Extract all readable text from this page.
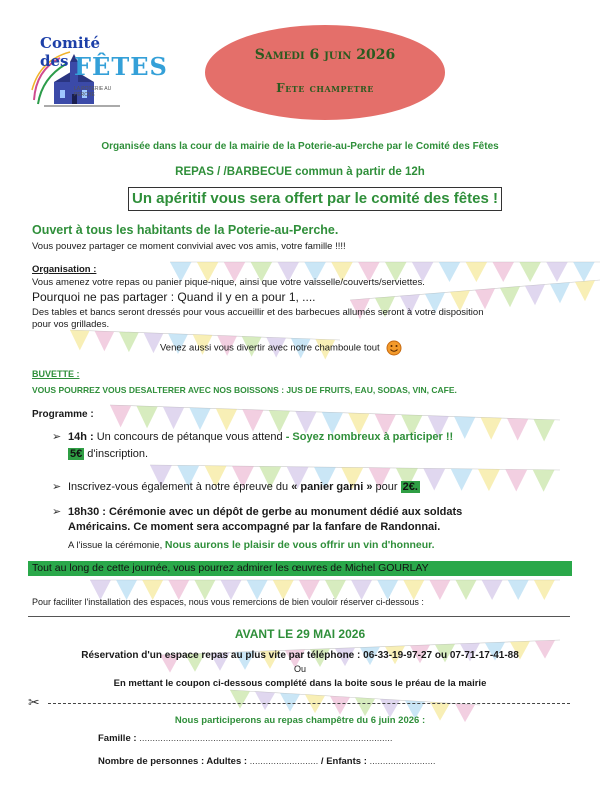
Comité des FÊTES
LA POTERIE AU PERCHE
Samedi 6 juin 2026
Fete champetre
Organisée dans la cour de la mairie de la Poterie-au-Perche par le Comité des Fêtes
REPAS / /BARBECUE commun à partir de 12h
Un apéritif vous sera offert par le comité des fêtes !
Ouvert à tous les habitants de la Poterie-au-Perche.
Vous pouvez partager ce moment convivial avec vos amis, votre famille !!!!
Organisation :
Vous amenez votre repas ou panier pique-nique, ainsi que votre vaisselle/couverts/serviettes.
Pourquoi ne pas partager : Quand il y en a pour 1, ....
Des tables et bancs seront dressés pour vous accueillir et des barbecues allumés seront à votre disposition
pour vos grillades.
Venez aussi vous divertir avec notre chamboule tout
BUVETTE :
VOUS POURREZ VOUS DESALTERER AVEC NOS BOISSONS : JUS DE FRUITS, EAU, SODAS, VIN, CAFE.
Programme :
➢ 14h : Un concours de pétanque vous attend - Soyez nombreux à participer !!
5€ d'inscription.
➢ Inscrivez-vous également à notre épreuve du « panier garni » pour 2€.
➢ 18h30 : Cérémonie avec un dépôt de gerbe au monument dédié aux soldats
Américains. Ce moment sera accompagné par la fanfare de Randonnai.
A l'issue la cérémonie, Nous aurons le plaisir de vous offrir un vin d'honneur.
Tout au long de cette journée, vous pourrez admirer les œuvres de Michel GOURLAY
Pour faciliter l'installation des espaces, nous vous remercions de bien vouloir réserver ci-dessous :
AVANT LE 29 MAI 2026
Réservation d'un espace repas au plus vite par téléphone : 06-33-19-97-27 ou 07-71-17-41-88
Ou
En mettant le coupon ci-dessous complété dans la boite sous le préau de la mairie
✂
Nous participerons au repas champêtre du 6 juin 2026 :
Famille : ................................................................................................
Nombre de personnes : Adultes : .......................... / Enfants : .........................
